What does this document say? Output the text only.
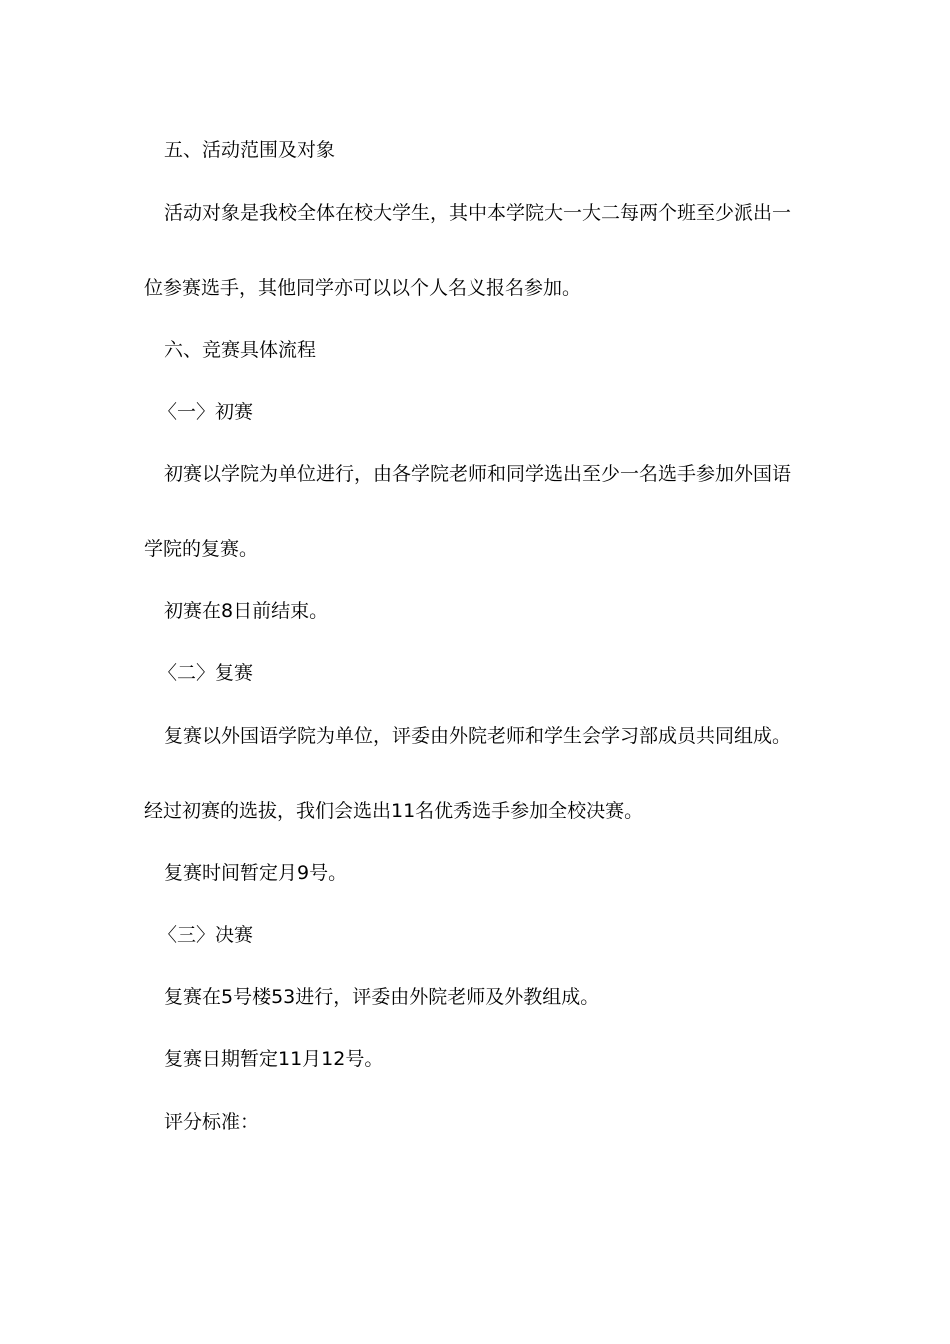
五、活动范围及对象
活动对象是我校全体在校大学生，其中本学院大一大二每两个班至少派出一
位参赛选手，其他同学亦可以以个人名义报名参加。
六、竞赛具体流程
〈一〉初赛
初赛以学院为单位进行，由各学院老师和同学选出至少一名选手参加外国语
学院的复赛。
初赛在8日前结束。
〈二〉复赛
复赛以外国语学院为单位，评委由外院老师和学生会学习部成员共同组成。
经过初赛的选拔，我们会选出11名优秀选手参加全校决赛。
复赛时间暂定月9号。
〈三〉决赛
复赛在5号楼53进行，评委由外院老师及外教组成。
复赛日期暂定11月12号。
评分标准：
